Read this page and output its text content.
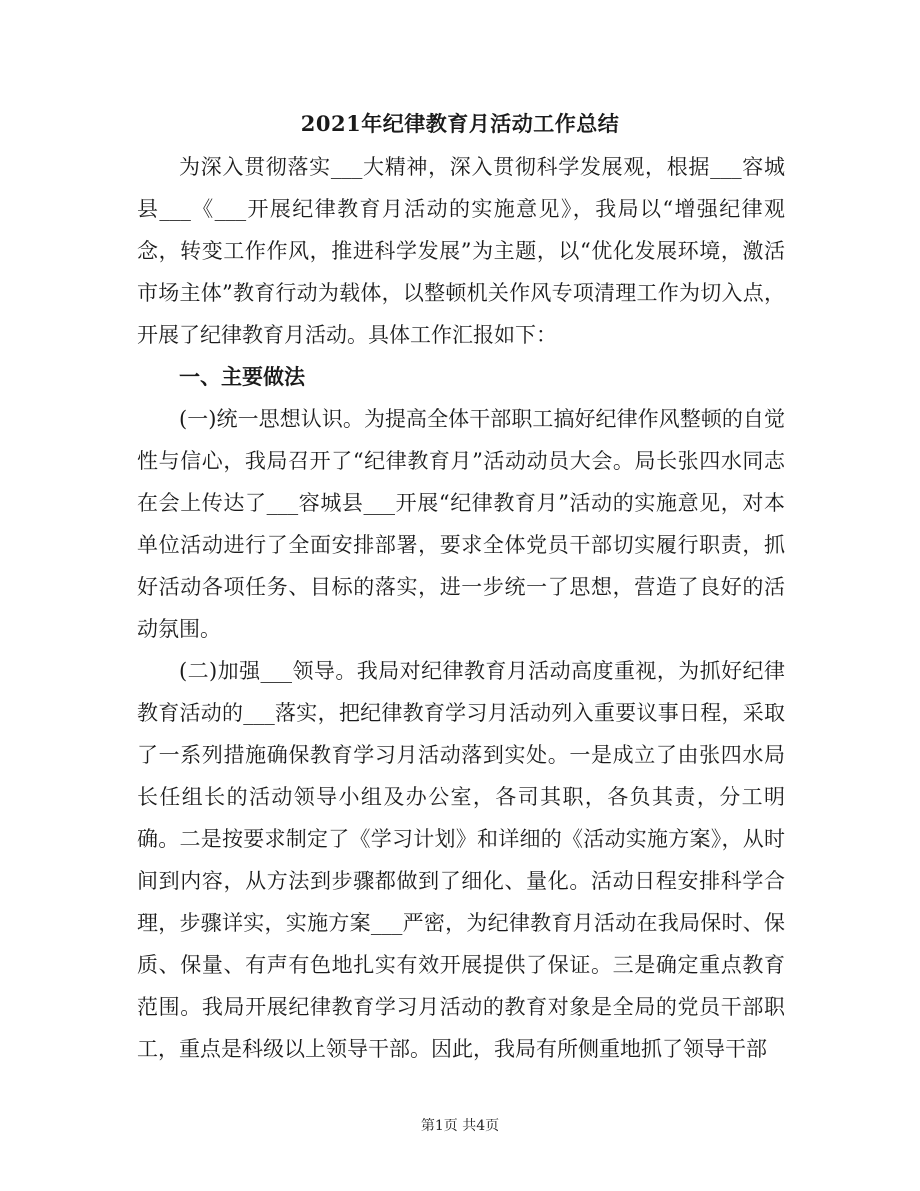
2021年纪律教育月活动工作总结

为深入贯彻落实___大精神，深入贯彻科学发展观，根据___容城县___《___开展纪律教育月活动的实施意见》，我局以“增强纪律观念，转变工作作风，推进科学发展”为主题，以“优化发展环境，激活市场主体”教育行动为载体，以整顿机关作风专项清理工作为切入点，开展了纪律教育月活动。具体工作汇报如下：

一、主要做法

(一)统一思想认识。为提高全体干部职工搞好纪律作风整顿的自觉性与信心，我局召开了“纪律教育月”活动动员大会。局长张四水同志在会上传达了___容城县___开展“纪律教育月”活动的实施意见，对本单位活动进行了全面安排部署，要求全体党员干部切实履行职责，抓好活动各项任务、目标的落实，进一步统一了思想，营造了良好的活动氛围。

(二)加强___领导。我局对纪律教育月活动高度重视，为抓好纪律教育活动的___落实，把纪律教育学习月活动列入重要议事日程，采取了一系列措施确保教育学习月活动落到实处。一是成立了由张四水局长任组长的活动领导小组及办公室，各司其职，各负其责，分工明确。二是按要求制定了《学习计划》和详细的《活动实施方案》，从时间到内容，从方法到步骤都做到了细化、量化。活动日程安排科学合理，步骤详实，实施方案___严密，为纪律教育月活动在我局保时、保质、保量、有声有色地扎实有效开展提供了保证。三是确定重点教育范围。我局开展纪律教育学习月活动的教育对象是全局的党员干部职工，重点是科级以上领导干部。因此，我局有所侧重地抓了领导干部

第1页 共4页
